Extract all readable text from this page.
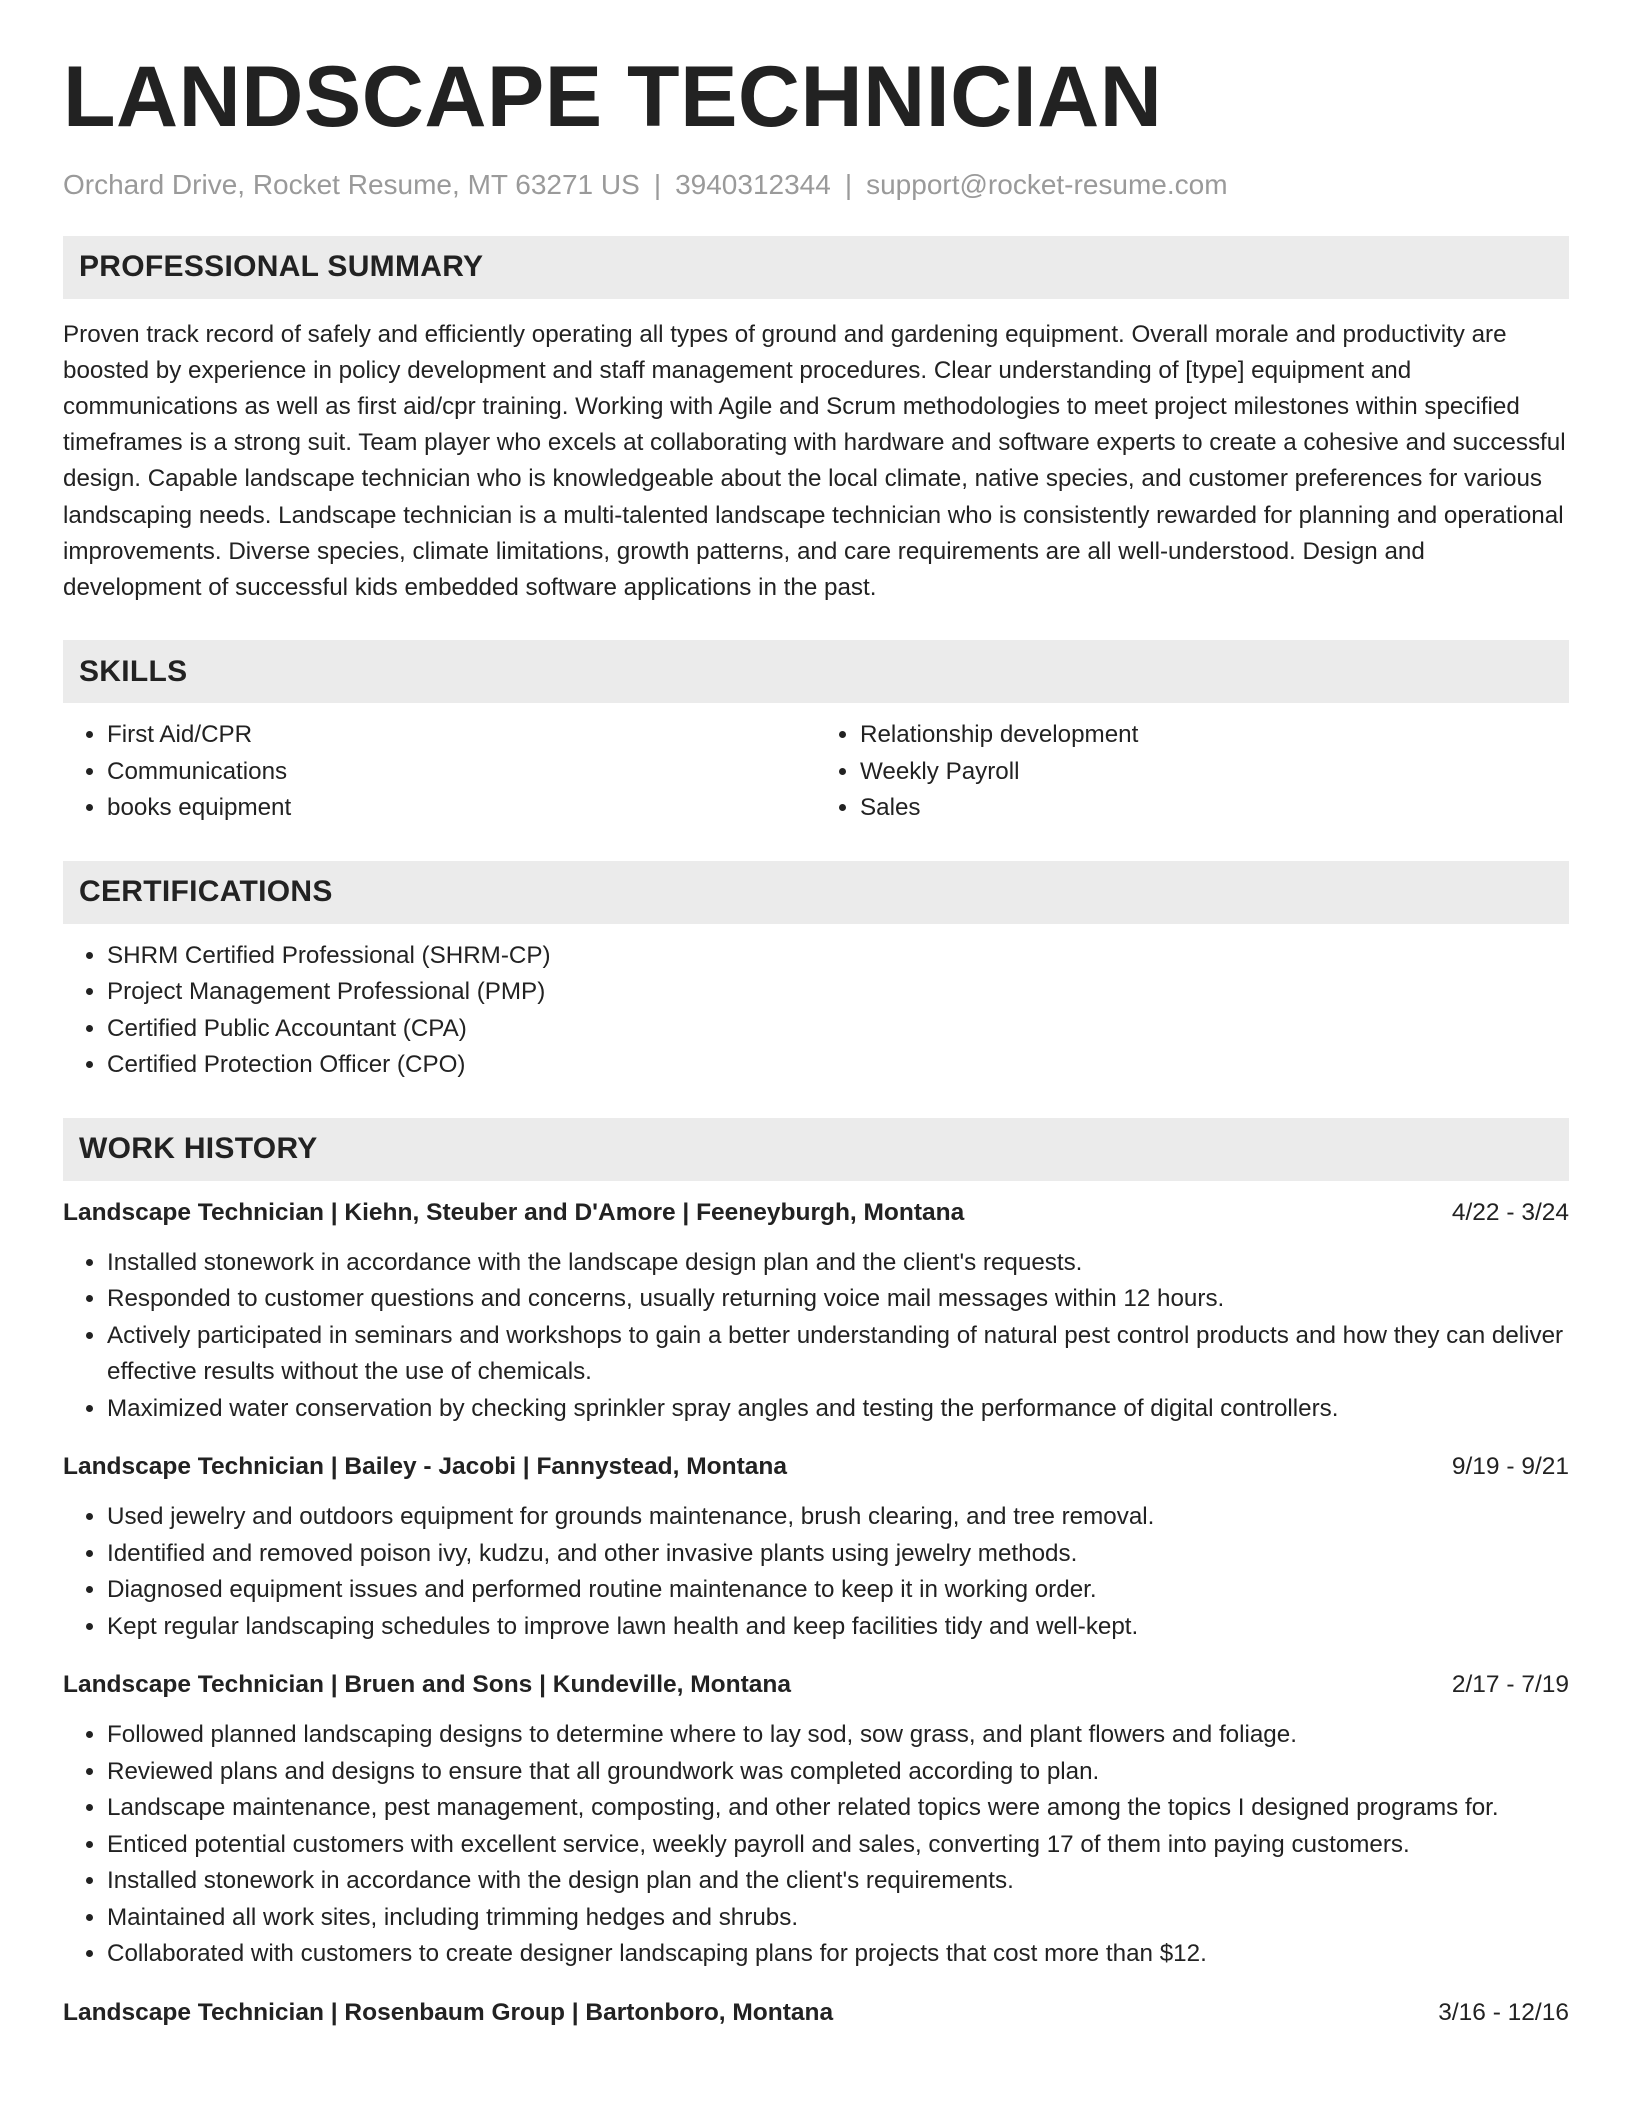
LANDSCAPE TECHNICIAN
Orchard Drive, Rocket Resume, MT 63271 US | 3940312344 | support@rocket-resume.com
PROFESSIONAL SUMMARY
Proven track record of safely and efficiently operating all types of ground and gardening equipment. Overall morale and productivity are boosted by experience in policy development and staff management procedures. Clear understanding of [type] equipment and communications as well as first aid/cpr training. Working with Agile and Scrum methodologies to meet project milestones within specified timeframes is a strong suit. Team player who excels at collaborating with hardware and software experts to create a cohesive and successful design. Capable landscape technician who is knowledgeable about the local climate, native species, and customer preferences for various landscaping needs. Landscape technician is a multi-talented landscape technician who is consistently rewarded for planning and operational improvements. Diverse species, climate limitations, growth patterns, and care requirements are all well-understood. Design and development of successful kids embedded software applications in the past.
SKILLS
• First Aid/CPR
• Communications
• books equipment
• Relationship development
• Weekly Payroll
• Sales
CERTIFICATIONS
• SHRM Certified Professional (SHRM-CP)
• Project Management Professional (PMP)
• Certified Public Accountant (CPA)
• Certified Protection Officer (CPO)
WORK HISTORY
Landscape Technician | Kiehn, Steuber and D'Amore | Feeneyburgh, Montana	4/22 - 3/24
• Installed stonework in accordance with the landscape design plan and the client's requests.
• Responded to customer questions and concerns, usually returning voice mail messages within 12 hours.
• Actively participated in seminars and workshops to gain a better understanding of natural pest control products and how they can deliver effective results without the use of chemicals.
• Maximized water conservation by checking sprinkler spray angles and testing the performance of digital controllers.
Landscape Technician | Bailey - Jacobi | Fannystead, Montana	9/19 - 9/21
• Used jewelry and outdoors equipment for grounds maintenance, brush clearing, and tree removal.
• Identified and removed poison ivy, kudzu, and other invasive plants using jewelry methods.
• Diagnosed equipment issues and performed routine maintenance to keep it in working order.
• Kept regular landscaping schedules to improve lawn health and keep facilities tidy and well-kept.
Landscape Technician | Bruen and Sons | Kundeville, Montana	2/17 - 7/19
• Followed planned landscaping designs to determine where to lay sod, sow grass, and plant flowers and foliage.
• Reviewed plans and designs to ensure that all groundwork was completed according to plan.
• Landscape maintenance, pest management, composting, and other related topics were among the topics I designed programs for.
• Enticed potential customers with excellent service, weekly payroll and sales, converting 17 of them into paying customers.
• Installed stonework in accordance with the design plan and the client's requirements.
• Maintained all work sites, including trimming hedges and shrubs.
• Collaborated with customers to create designer landscaping plans for projects that cost more than $12.
Landscape Technician | Rosenbaum Group | Bartonboro, Montana	3/16 - 12/16
